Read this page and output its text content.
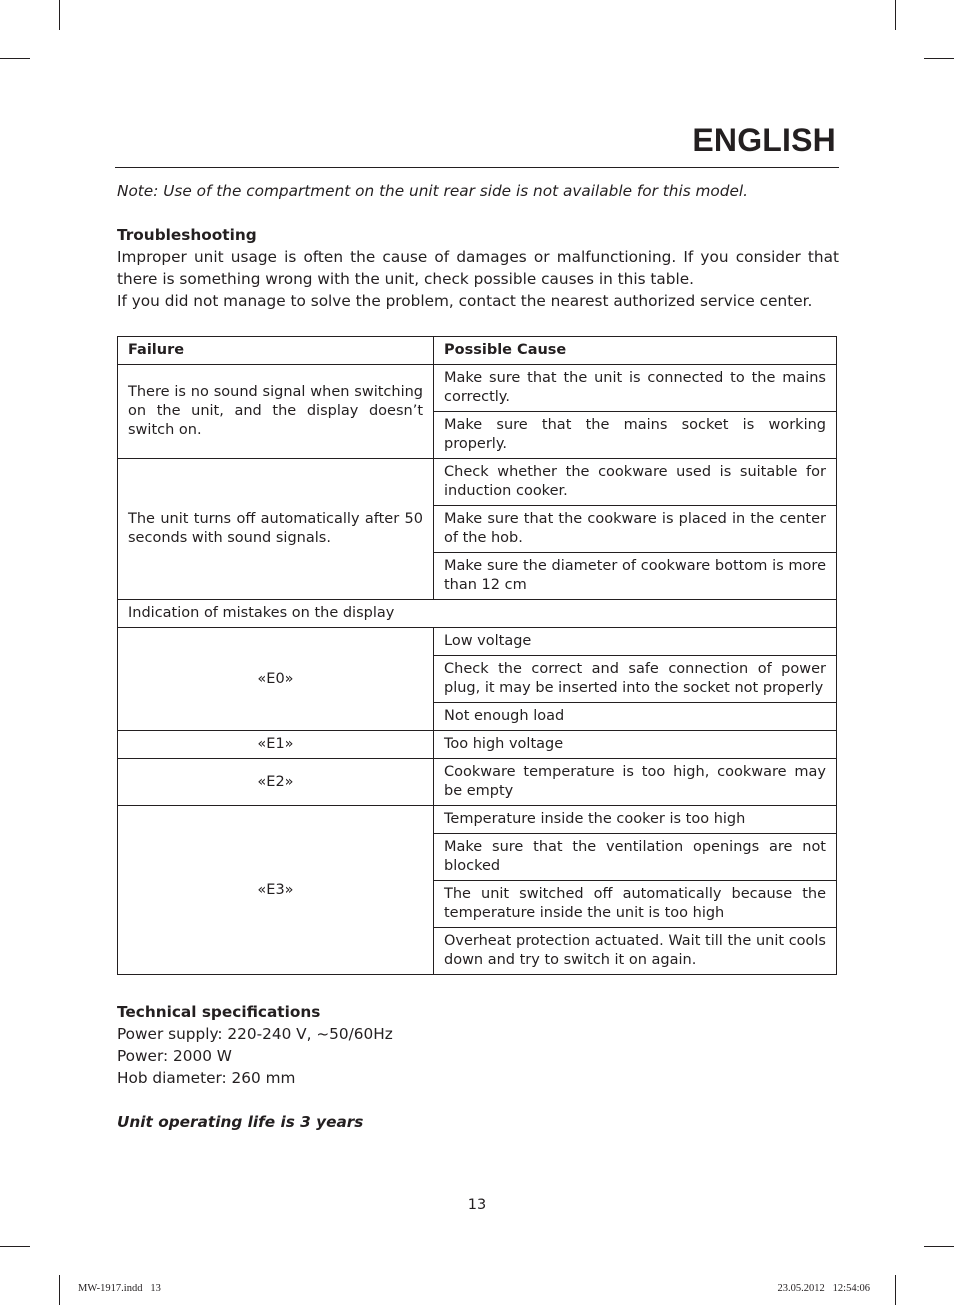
ENGLISH

Note: Use of the compartment on the unit rear side is not available for this model.

Troubleshooting

Improper unit usage is often the cause of damages or malfunctioning. If you consider that there is something wrong with the unit, check possible causes in this table.

If you did not manage to solve the problem, contact the nearest authorized service center.

Failure	Possible Cause
There is no sound signal when switching on the unit, and the display doesn’t switch on.	Make sure that the unit is connected to the mains correctly.
	Make sure that the mains socket is working properly.
The unit turns off automatically after 50 seconds with sound signals.	Check whether the cookware used is suitable for induction cooker.
	Make sure that the cookware is placed in the center of the hob.
	Make sure the diameter of cookware bottom is more than 12 cm
Indication of mistakes on the display	
«E0»	Low voltage
	Check the correct and safe connection of power plug, it may be inserted into the socket not properly
	Not enough load
«E1»	Too high voltage
«E2»	Cookware temperature is too high, cookware may be empty
«E3»	Temperature inside the cooker is too high
	Make sure that the ventilation openings are not blocked
	The unit switched off automatically because the temperature inside the unit is too high
	Overheat protection actuated. Wait till the unit cools down and try to switch it on again.

Technical specifications

Power supply: 220-240 V, ~50/60Hz

Power: 2000 W

Hob diameter: 260 mm

Unit operating life is 3 years

13
MW-1917.indd   13	23.05.2012   12:54:06
